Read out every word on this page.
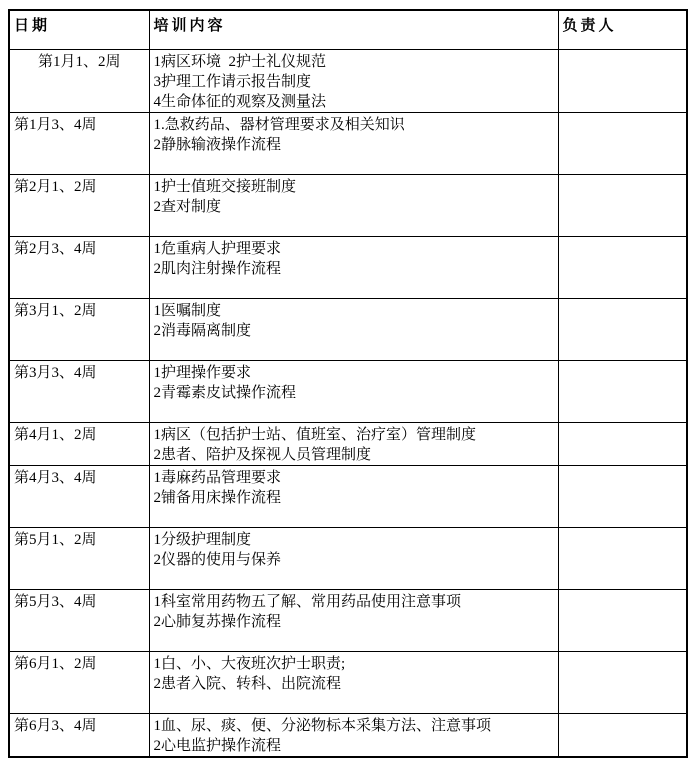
日期	培训内容	负责人
第1月1、2周	1病区环境  2护士礼仪规范
3护理工作请示报告制度
4生命体征的观察及测量法	

第1月3、4周	1.急救药品、器材管理要求及相关知识
2静脉输液操作流程	

第2月1、2周	1护士值班交接班制度
2查对制度	

第2月3、4周	1危重病人护理要求
2肌肉注射操作流程	

第3月1、2周	1医嘱制度
2消毒隔离制度	

第3月3、4周	1护理操作要求
2青霉素皮试操作流程	

第4月1、2周	1病区（包括护士站、值班室、治疗室）管理制度
2患者、陪护及探视人员管理制度	

第4月3、4周	1毒麻药品管理要求
2铺备用床操作流程	

第5月1、2周	1分级护理制度
2仪器的使用与保养	

第5月3、4周	1科室常用药物五了解、常用药品使用注意事项
2心肺复苏操作流程	

第6月1、2周	1白、小、大夜班次护士职责;
2患者入院、转科、出院流程	

第6月3、4周	1血、尿、痰、便、分泌物标本采集方法、注意事项
2心电监护操作流程	
